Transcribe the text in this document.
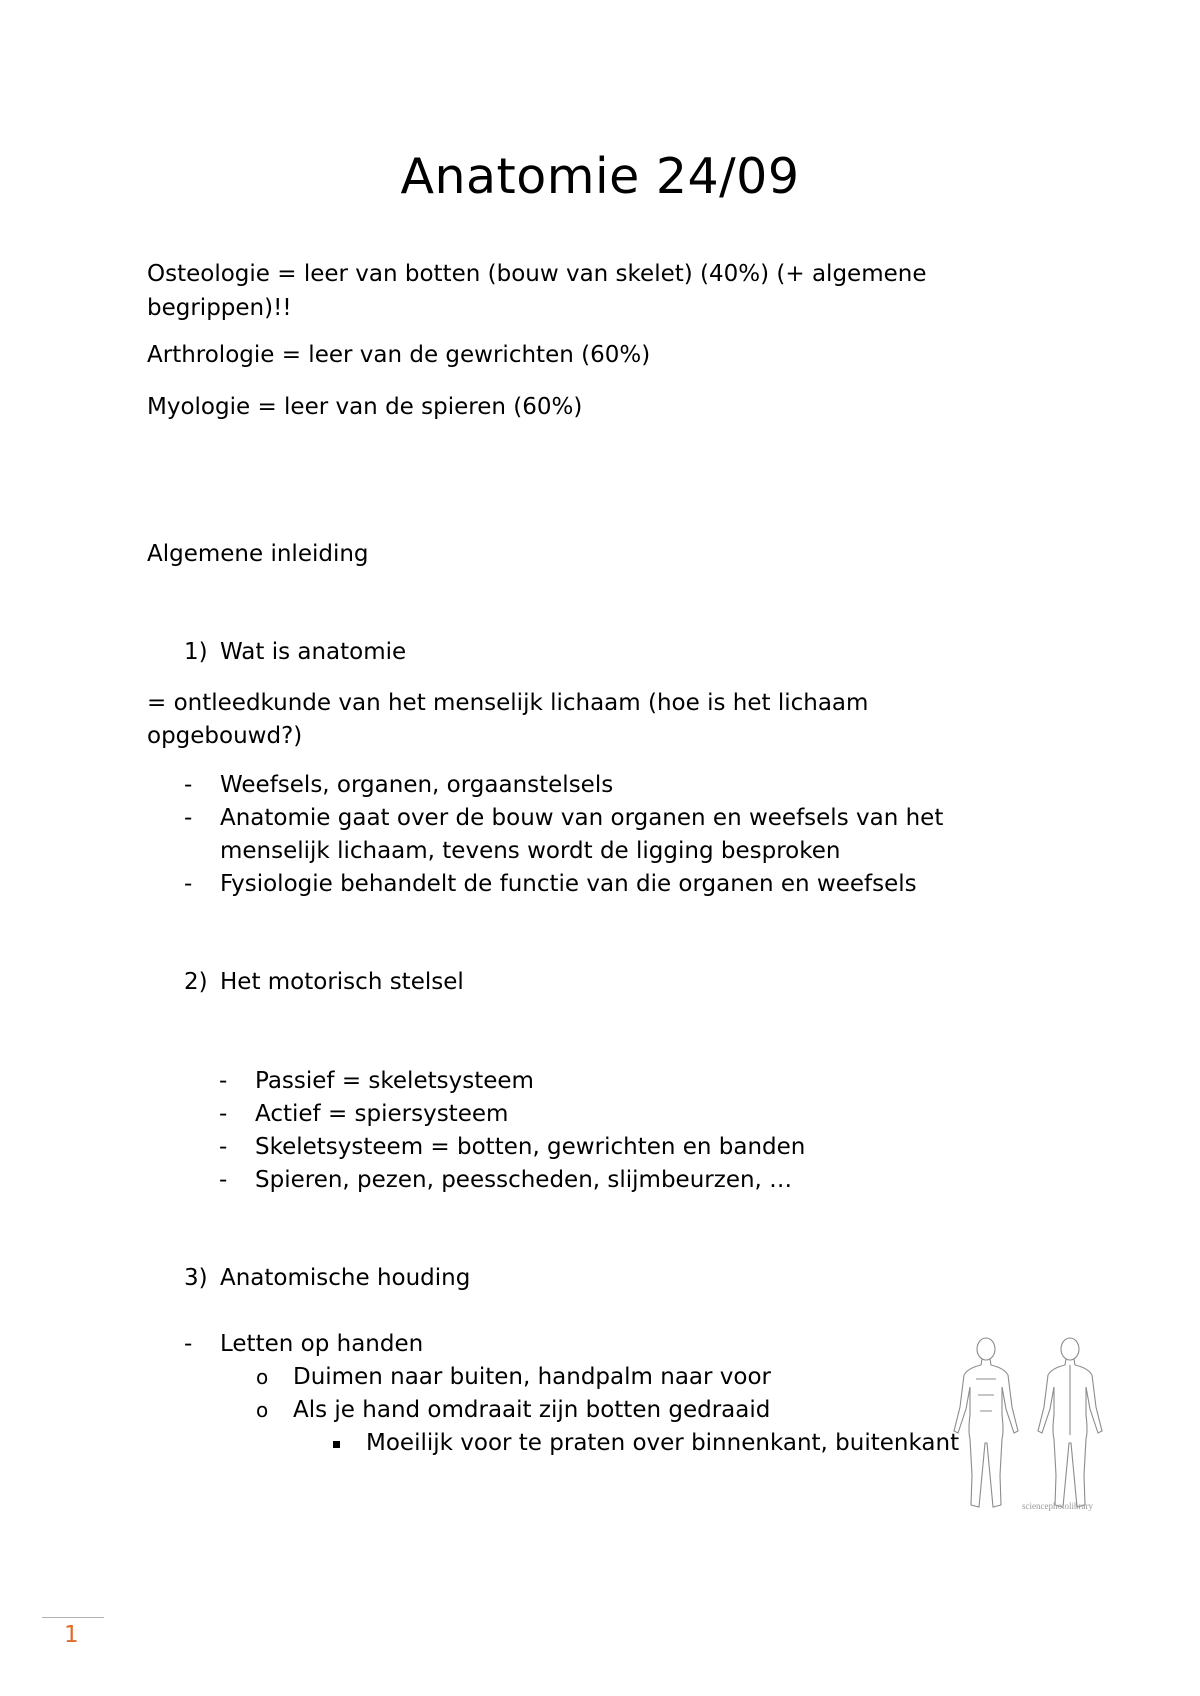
Anatomie 24/09

Osteologie = leer van botten (bouw van skelet) (40%) (+ algemene

begrippen)!!

Arthrologie = leer van de gewrichten (60%)

Myologie = leer van de spieren (60%)

Algemene inleiding

1) Wat is anatomie

= ontleedkunde van het menselijk lichaam (hoe is het lichaam

opgebouwd?)

- Weefsels, organen, orgaanstelsels

- Anatomie gaat over de bouw van organen en weefsels van het

menselijk lichaam, tevens wordt de ligging besproken

- Fysiologie behandelt de functie van die organen en weefsels

2) Het motorisch stelsel

- Passief = skeletsysteem

- Actief = spiersysteem

- Skeletsysteem = botten, gewrichten en banden

- Spieren, pezen, peesscheden, slijmbeurzen, …

3) Anatomische houding

- Letten op handen

o Duimen naar buiten, handpalm naar voor

o Als je hand omdraait zijn botten gedraaid

Moeilijk voor te praten over binnenkant, buitenkant

sciencephotolibrary
1
